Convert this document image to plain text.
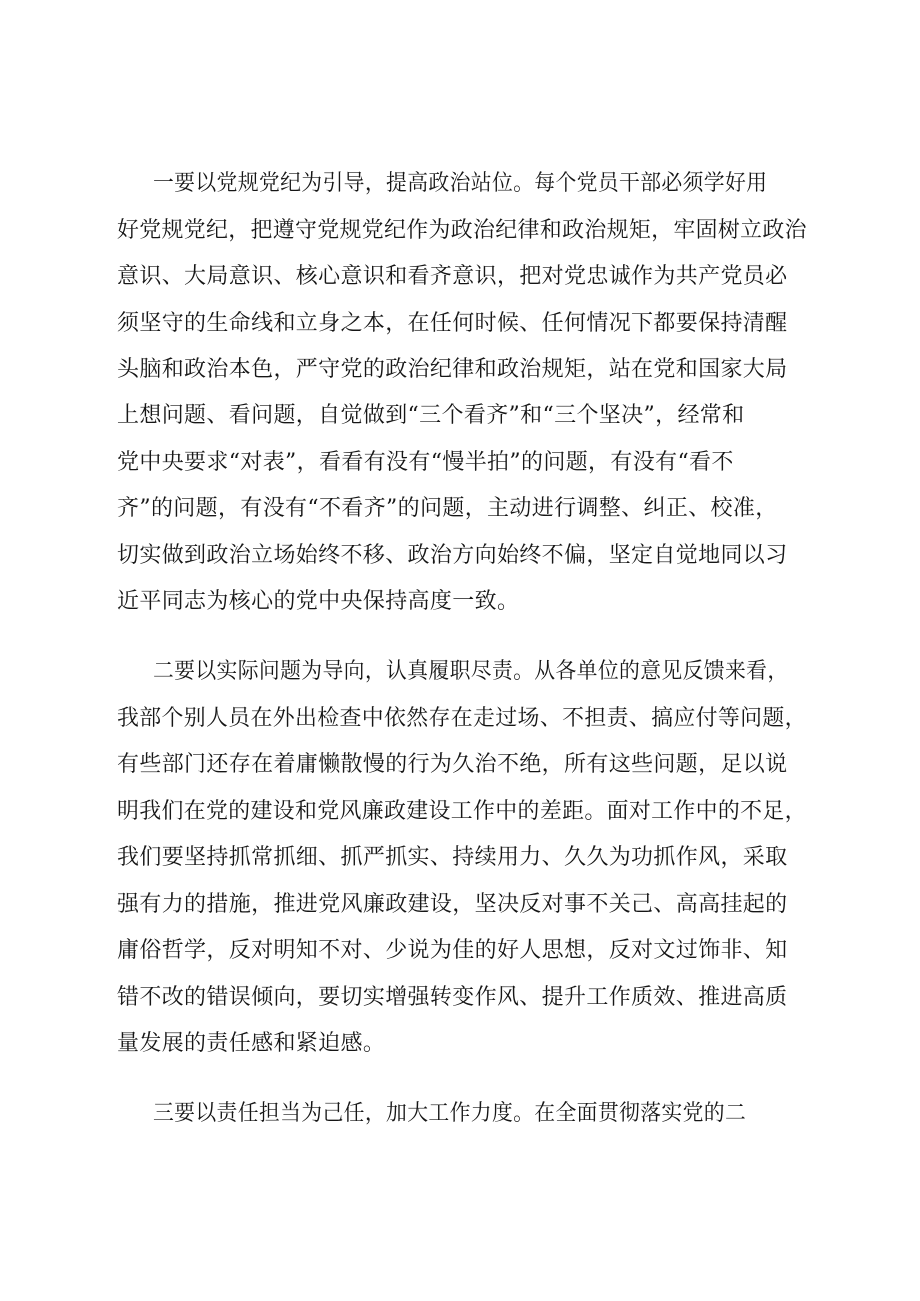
一要以党规党纪为引导，提高政治站位。每个党员干部必须学好用
好党规党纪，把遵守党规党纪作为政治纪律和政治规矩，牢固树立政治
意识、大局意识、核心意识和看齐意识，把对党忠诚作为共产党员必
须坚守的生命线和立身之本，在任何时候、任何情况下都要保持清醒
头脑和政治本色，严守党的政治纪律和政治规矩，站在党和国家大局
上想问题、看问题，自觉做到“三个看齐”和“三个坚决”，经常和
党中央要求“对表”，看看有没有“慢半拍”的问题，有没有“看不
齐”的问题，有没有“不看齐”的问题，主动进行调整、纠正、校准，
切实做到政治立场始终不移、政治方向始终不偏，坚定自觉地同以习
近平同志为核心的党中央保持高度一致。
二要以实际问题为导向，认真履职尽责。从各单位的意见反馈来看，
我部个别人员在外出检查中依然存在走过场、不担责、搞应付等问题，
有些部门还存在着庸懒散慢的行为久治不绝，所有这些问题，足以说
明我们在党的建设和党风廉政建设工作中的差距。面对工作中的不足，
我们要坚持抓常抓细、抓严抓实、持续用力、久久为功抓作风，采取
强有力的措施，推进党风廉政建设，坚决反对事不关己、高高挂起的
庸俗哲学，反对明知不对、少说为佳的好人思想，反对文过饰非、知
错不改的错误倾向，要切实增强转变作风、提升工作质效、推进高质
量发展的责任感和紧迫感。
三要以责任担当为己任，加大工作力度。在全面贯彻落实党的二
